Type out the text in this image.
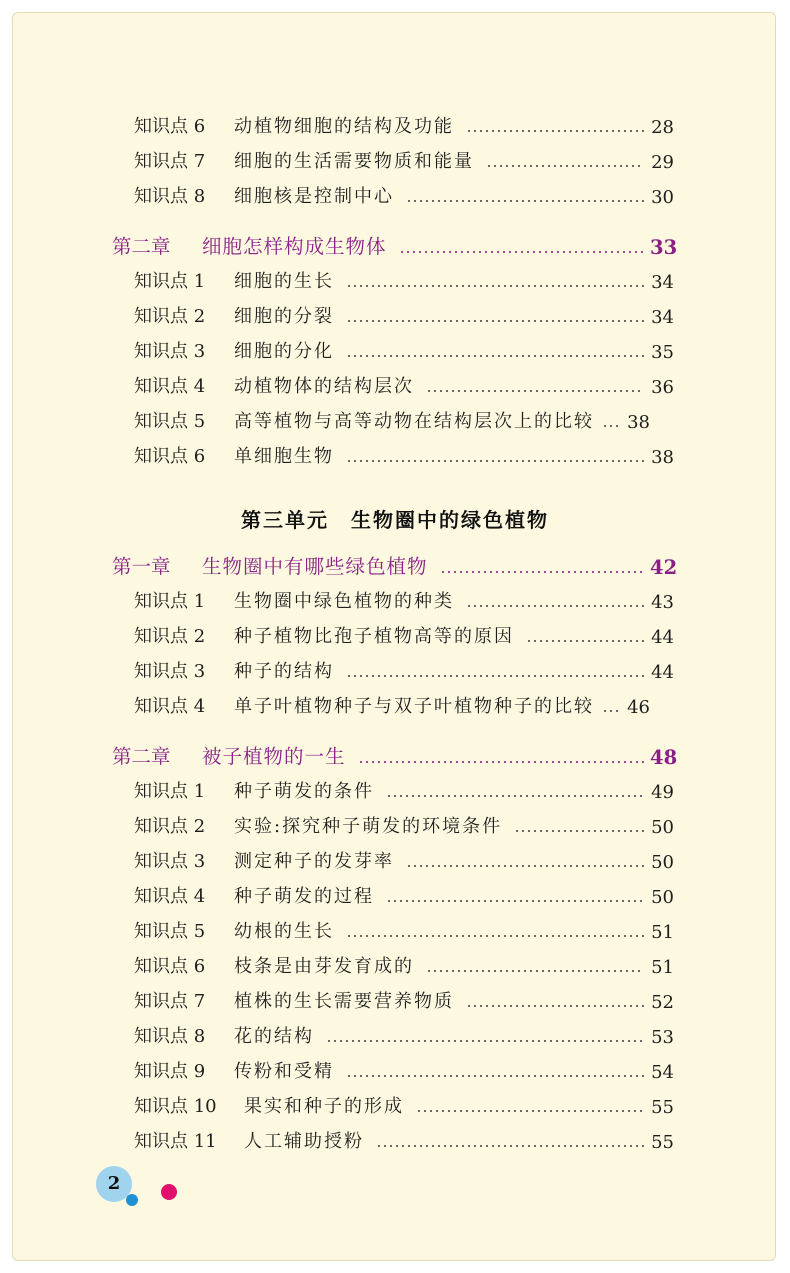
知识点 6	动植物细胞的结构及功能	28
知识点 7	细胞的生活需要物质和能量	29
知识点 8	细胞核是控制中心	30
第二章	细胞怎样构成生物体	33
知识点 1	细胞的生长	34
知识点 2	细胞的分裂	34
知识点 3	细胞的分化	35
知识点 4	动植物体的结构层次	36
知识点 5	高等植物与高等动物在结构层次上的比较 38
知识点 6	单细胞生物	38
第三单元　生物圈中的绿色植物
第一章	生物圈中有哪些绿色植物	42
知识点 1	生物圈中绿色植物的种类	43
知识点 2	种子植物比孢子植物高等的原因	44
知识点 3	种子的结构	44
知识点 4	单子叶植物种子与双子叶植物种子的比较 46
第二章	被子植物的一生	48
知识点 1	种子萌发的条件	49
知识点 2	实验:探究种子萌发的环境条件	50
知识点 3	测定种子的发芽率	50
知识点 4	种子萌发的过程	50
知识点 5	幼根的生长	51
知识点 6	枝条是由芽发育成的	51
知识点 7	植株的生长需要营养物质	52
知识点 8	花的结构	53
知识点 9	传粉和受精	54
知识点 10	果实和种子的形成	55
知识点 11	人工辅助授粉	55
2
